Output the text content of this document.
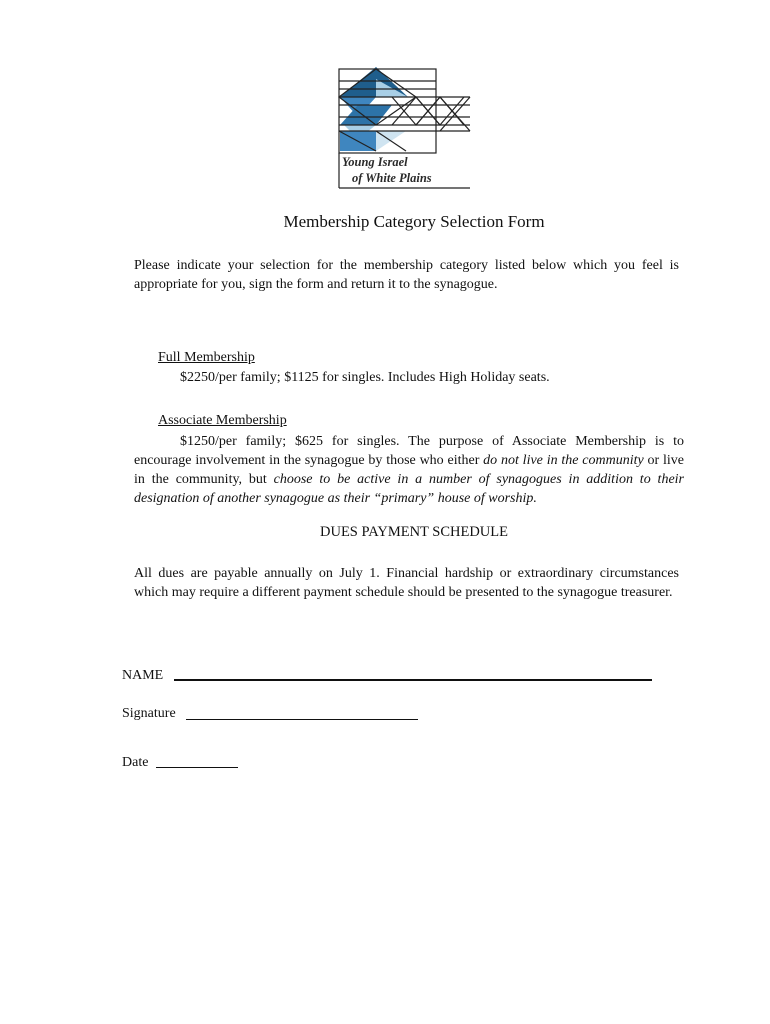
Young Israel
of White Plains
Membership Category Selection Form
Please indicate your selection for the membership category listed below which you feel is appropriate for you, sign the form and return it to the synagogue.
Full Membership
$2250/per family; $1125 for singles. Includes High Holiday seats.
Associate Membership
$1250/per family; $625 for singles. The purpose of Associate Membership is to encourage involvement in the synagogue by those who either do not live in the community or live in the community, but choose to be active in a number of synagogues in addition to their designation of another synagogue as their “primary” house of worship.
DUES PAYMENT SCHEDULE
All dues are payable annually on July 1. Financial hardship or extraordinary circumstances which may require a different payment schedule should be presented to the synagogue treasurer.
NAME
Signature
Date
